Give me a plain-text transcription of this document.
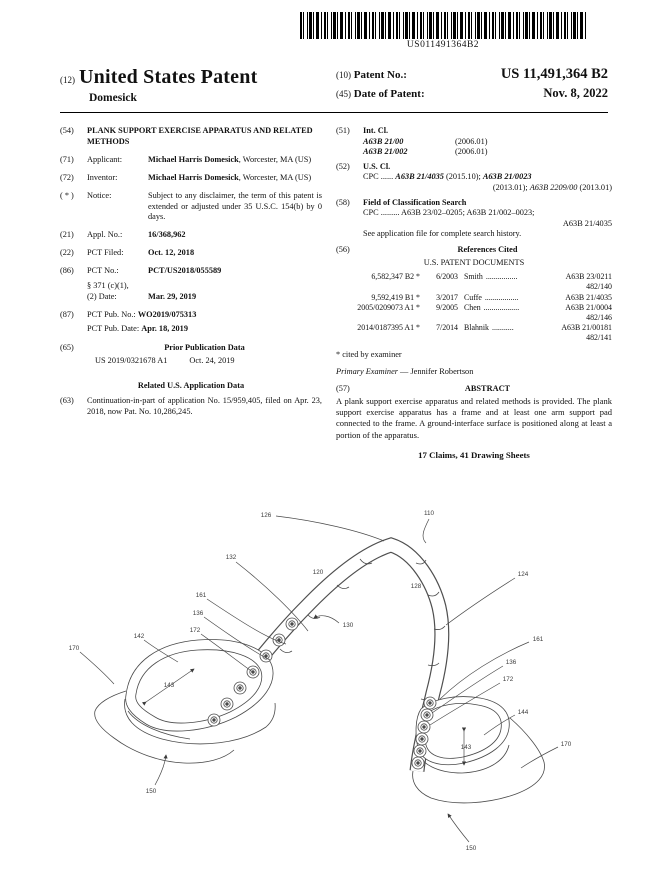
US011491364B2
(12) United States Patent
Domesick
(10) Patent No.:	US 11,491,364 B2
(45) Date of Patent:	Nov. 8, 2022
(54)	PLANK SUPPORT EXERCISE APPARATUS AND RELATED METHODS
(71)	Applicant:	Michael Harris Domesick, Worcester, MA (US)
(72)	Inventor:	Michael Harris Domesick, Worcester, MA (US)
( * )	Notice:	Subject to any disclaimer, the term of this patent is extended or adjusted under 35 U.S.C. 154(b) by 0 days.
(21)	Appl. No.:	16/368,962
(22)	PCT Filed:	Oct. 12, 2018
(86)	PCT No.:	PCT/US2018/055589
§ 371 (c)(1),
(2) Date:	Mar. 29, 2019
(87)	PCT Pub. No.: WO2019/075313
PCT Pub. Date: Apr. 18, 2019
(65)	Prior Publication Data
US 2019/0321678 A1	Oct. 24, 2019
Related U.S. Application Data
(63)	Continuation-in-part of application No. 15/959,405, filed on Apr. 23, 2018, now Pat. No. 10,286,245.
(51)	Int. Cl.
A63B 21/00	(2006.01)
A63B 21/002	(2006.01)
(52)	U.S. Cl.
CPC ...... A63B 21/4035 (2015.10); A63B 21/0023
(2013.01); A63B 2209/00 (2013.01)
(58)	Field of Classification Search
CPC ......... A63B 23/02–0205; A63B 21/002–0023;
A63B 21/4035
See application file for complete search history.
(56)	References Cited
U.S. PATENT DOCUMENTS
6,582,347 B2 *	6/2003 Smith ................	A63B 23/0211
482/140
9,592,419 B1 *	3/2017 Cuffe .................	A63B 21/4035
2005/0209073 A1 *	9/2005 Chen ..................	A63B 21/0004
482/146
2014/0187395 A1 *	7/2014 Blahnik ...........	A63B 21/00181
482/141
* cited by examiner
Primary Examiner — Jennifer Robertson
(57)	ABSTRACT
A plank support exercise apparatus and related methods is provided. The plank support exercise apparatus has a frame and at least one arm support pad connected to the frame. A ground-interface surface is positioned along at least a portion of the apparatus.
17 Claims, 41 Drawing Sheets
110
126
120
128
124
132
130
161
136
172
142
170
143
150
161
136
172
144
143	170
150
